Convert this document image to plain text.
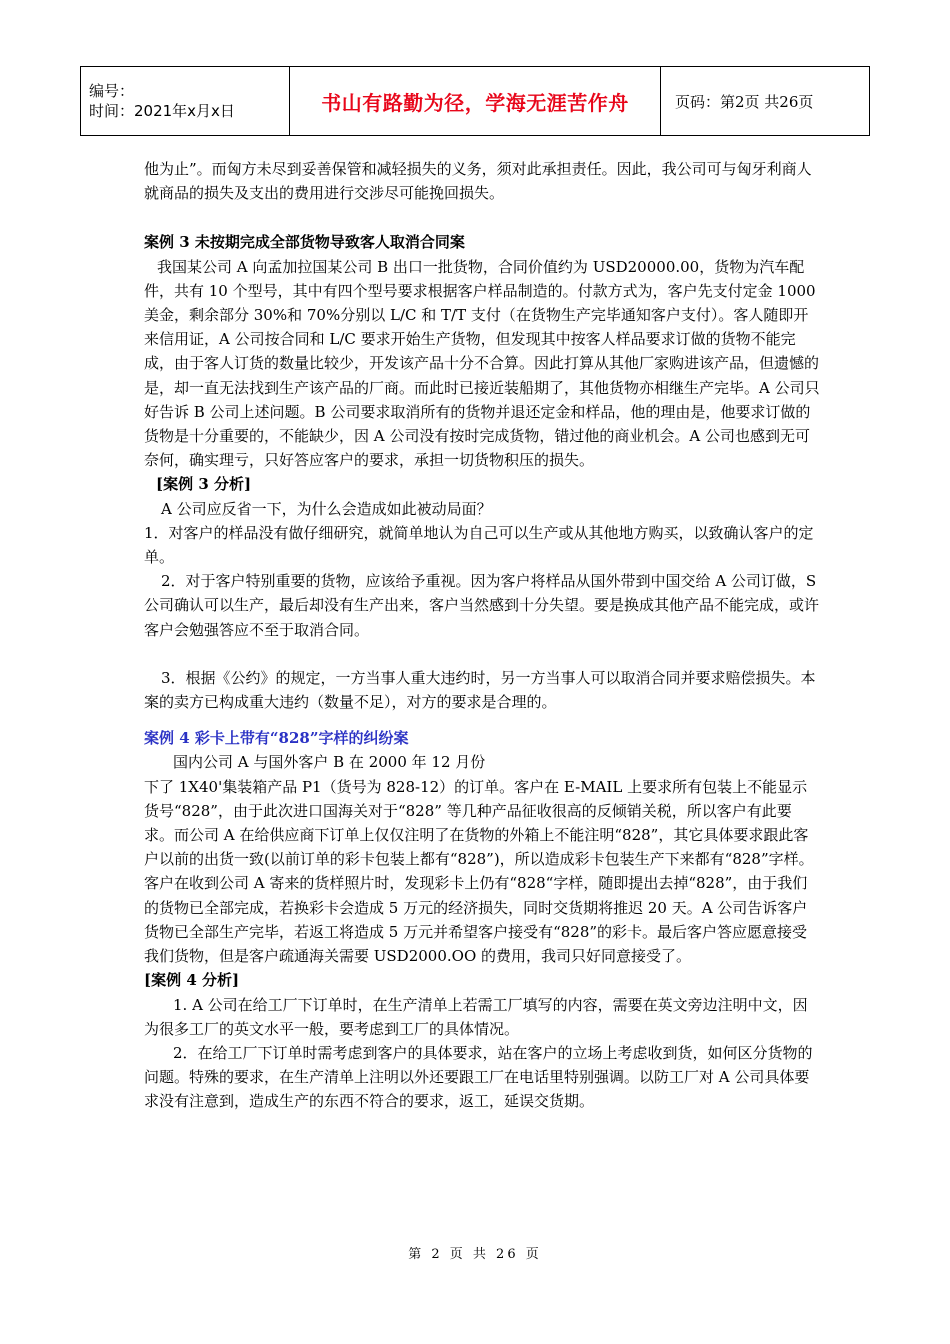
编号：
时间：2021年x月x日	书山有路勤为径，学海无涯苦作舟	页码：第2页 共26页

他为止”。而匈方未尽到妥善保管和减轻损失的义务，须对此承担责任。因此，我公司可与匈牙利商人就商品的损失及支出的费用进行交涉尽可能挽回损失。

案例 3 未按期完成全部货物导致客人取消合同案

我国某公司 A 向孟加拉国某公司 B 出口一批货物，合同价值约为 USD20000.00，货物为汽车配件，共有 10 个型号，其中有四个型号要求根据客户样品制造的。付款方式为，客户先支付定金 1000 美金，剩余部分 30%和 70%分别以 L/C 和 T/T 支付（在货物生产完毕通知客户支付）。客人随即开来信用证，A 公司按合同和 L/C 要求开始生产货物，但发现其中按客人样品要求订做的货物不能完成，由于客人订货的数量比较少，开发该产品十分不合算。因此打算从其他厂家购进该产品，但遗憾的是，却一直无法找到生产该产品的厂商。而此时已接近装船期了，其他货物亦相继生产完毕。A 公司只好告诉 B 公司上述问题。B 公司要求取消所有的货物并退还定金和样品，他的理由是，他要求订做的货物是十分重要的，不能缺少，因 A 公司没有按时完成货物，错过他的商业机会。A 公司也感到无可奈何，确实理亏，只好答应客户的要求，承担一切货物积压的损失。

[案例 3 分析]

A 公司应反省一下，为什么会造成如此被动局面？

1．对客户的样品没有做仔细研究，就简单地认为自己可以生产或从其他地方购买，以致确认客户的定单。

2．对于客户特别重要的货物，应该给予重视。因为客户将样品从国外带到中国交给 A 公司订做，S 公司确认可以生产，最后却没有生产出来，客户当然感到十分失望。要是换成其他产品不能完成，或许客户会勉强答应不至于取消合同。

3．根据《公约》的规定，一方当事人重大违约时，另一方当事人可以取消合同并要求赔偿损失。本案的卖方已构成重大违约（数量不足），对方的要求是合理的。

案例 4 彩卡上带有“828”字样的纠纷案

国内公司 A 与国外客户 B 在 2000 年 12 月份

下了 1X40'集装箱产品 P1（货号为 828-12）的订单。客户在 E-MAIL 上要求所有包装上不能显示货号“828”，由于此次进口国海关对于“828” 等几种产品征收很高的反倾销关税，所以客户有此要求。而公司 A 在给供应商下订单上仅仅注明了在货物的外箱上不能注明“828”，其它具体要求跟此客户以前的出货一致(以前订单的彩卡包装上都有“828”)，所以造成彩卡包装生产下来都有“828”字样。客户在收到公司 A 寄来的货样照片时，发现彩卡上仍有“828“字样，随即提出去掉“828”，由于我们的货物已全部完成，若换彩卡会造成 5 万元的经济损失，同时交货期将推迟 20 天。A 公司告诉客户货物已全部生产完毕，若返工将造成 5 万元并希望客户接受有“828”的彩卡。最后客户答应愿意接受我们货物，但是客户疏通海关需要 USD2000.OO 的费用，我司只好同意接受了。

[案例 4 分析]

1. A 公司在给工厂下订单时，在生产清单上若需工厂填写的内容，需要在英文旁边注明中文，因为很多工厂的英文水平一般，要考虑到工厂的具体情况。

2．在给工厂下订单时需考虑到客户的具体要求，站在客户的立场上考虑收到货，如何区分货物的问题。特殊的要求，在生产清单上注明以外还要跟工厂在电话里特别强调。以防工厂对 A 公司具体要求没有注意到，造成生产的东西不符合的要求，返工，延误交货期。

第 2 页 共 26 页
